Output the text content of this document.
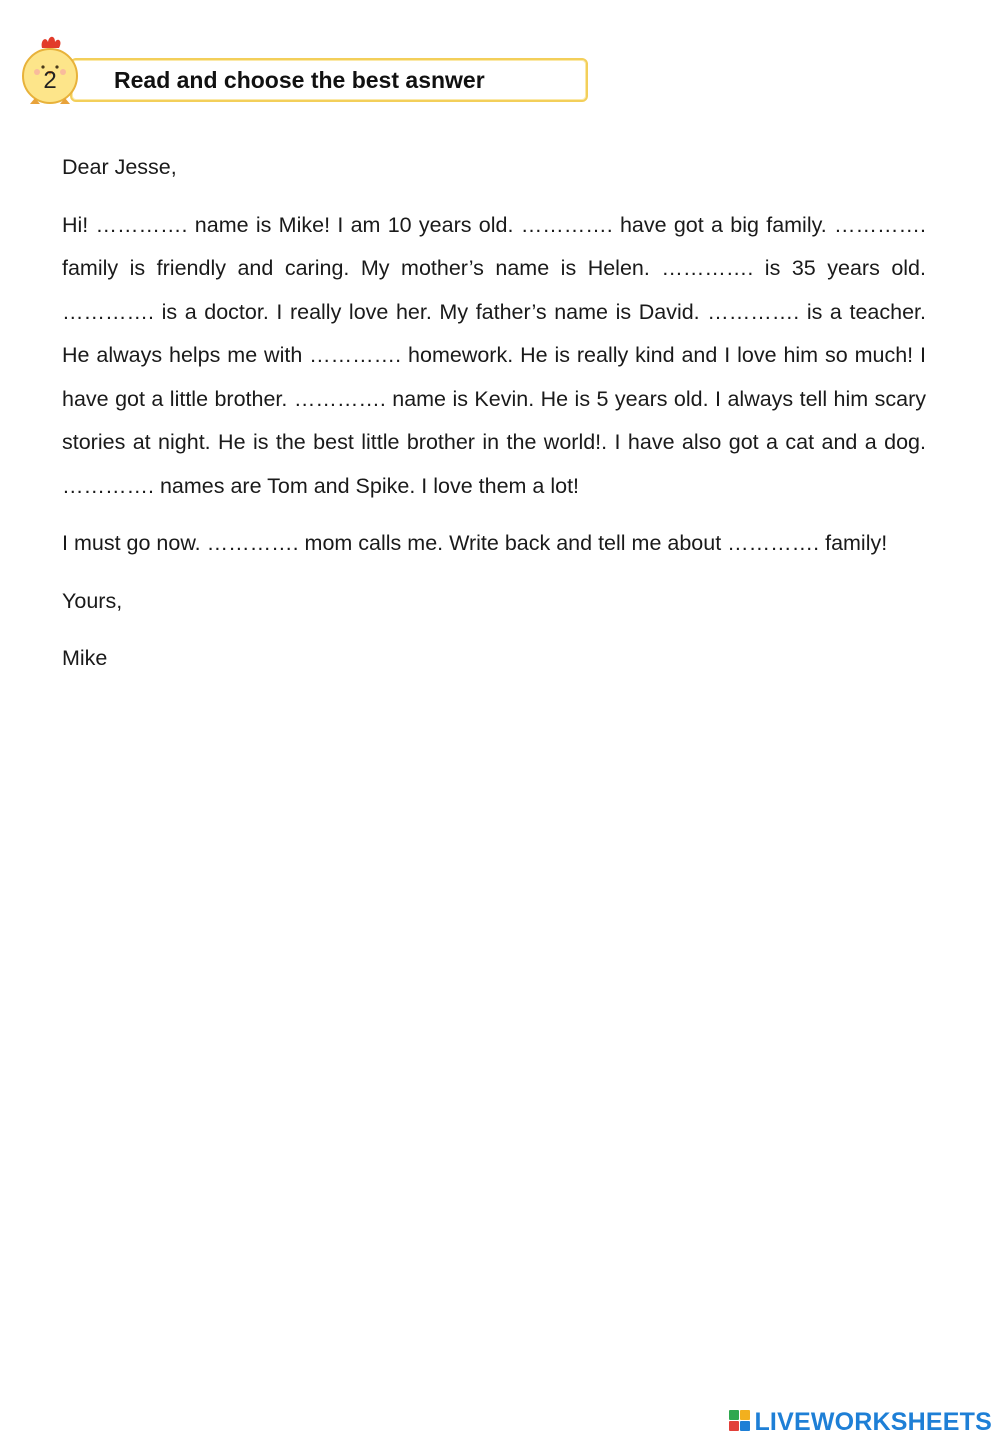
2 Read and choose the best asnwer

Dear Jesse,

Hi! …………. name is Mike! I am 10 years old. …………. have got a big family. …………. family is friendly and caring. My mother’s name is Helen. …………. is 35 years old. …………. is a doctor. I really love her. My father’s name is David. …………. is a teacher. He always helps me with …………. homework. He is really kind and I love him so much! I have got a little brother. …………. name is Kevin. He is 5 years old. I always tell him scary stories at night. He is the best little brother in the world!. I have also got a cat and a dog. …………. names are Tom and Spike. I love them a lot!

I must go now. …………. mom calls me. Write back and tell me about …………. family!

Yours,

Mike

LIVEWORKSHEETS
